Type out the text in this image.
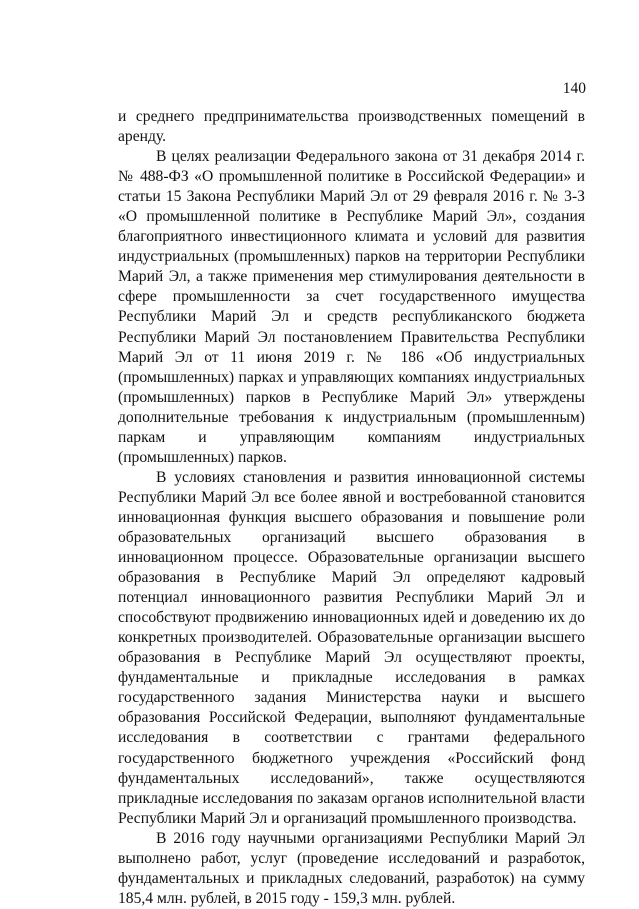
140

и среднего предпринимательства производственных помещений в аренду.

В целях реализации Федерального закона от 31 декабря 2014 г. № 488-ФЗ «О промышленной политике в Российской Федерации» и статьи 15 Закона Республики Марий Эл от 29 февраля 2016 г. № 3-З «О промышленной политике в Республике Марий Эл», создания благоприятного инвестиционного климата и условий для развития индустриальных (промышленных) парков на территории Республики Марий Эл, а также применения мер стимулирования деятельности в сфере промышленности за счет государственного имущества Республики Марий Эл и средств республиканского бюджета Республики Марий Эл постановлением Правительства Республики Марий Эл от 11 июня 2019 г. № 186 «Об индустриальных (промышленных) парках и управляющих компаниях индустриальных (промышленных) парков в Республике Марий Эл» утверждены дополнительные требования к индустриальным (промышленным) паркам и управляющим компаниям индустриальных (промышленных) парков.

В условиях становления и развития инновационной системы Республики Марий Эл все более явной и востребованной становится инновационная функция высшего образования и повышение роли образовательных организаций высшего образования в инновационном процессе. Образовательные организации высшего образования в Республике Марий Эл определяют кадровый потенциал инновационного развития Республики Марий Эл и способствуют продвижению инновационных идей и доведению их до конкретных производителей. Образовательные организации высшего образования в Республике Марий Эл осуществляют проекты, фундаментальные и прикладные исследования в рамках государственного задания Министерства науки и высшего образования Российской Федерации, выполняют фундаментальные исследования в соответствии с грантами федерального государственного бюджетного учреждения «Российский фонд фундаментальных исследований», также осуществляются прикладные исследования по заказам органов исполнительной власти Республики Марий Эл и организаций промышленного производства.

В 2016 году научными организациями Республики Марий Эл выполнено работ, услуг (проведение исследований и разработок, фундаментальных и прикладных следований, разработок) на сумму 185,4 млн. рублей, в 2015 году - 159,3 млн. рублей.
